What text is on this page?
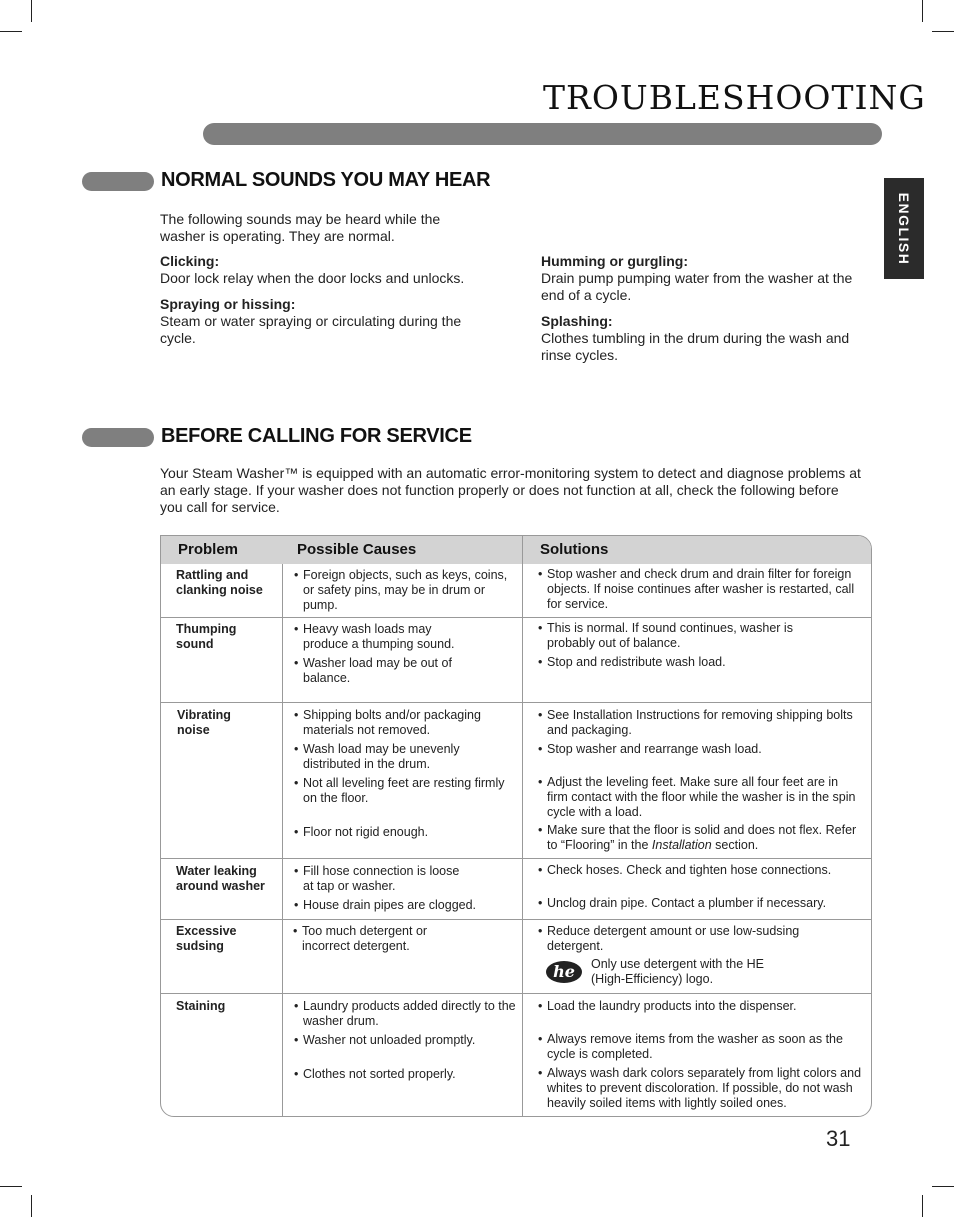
TROUBLESHOOTING
ENGLISH
NORMAL SOUNDS YOU MAY HEAR
The following sounds may be heard while the washer is operating. They are normal.

Clicking:
Door lock relay when the door locks and unlocks.

Spraying or hissing:
Steam or water spraying or circulating during the cycle.

Humming or gurgling:
Drain pump pumping water from the washer at the end of a cycle.

Splashing:
Clothes tumbling in the drum during the wash and rinse cycles.

BEFORE CALLING FOR SERVICE
Your Steam Washer™ is equipped with an automatic error-monitoring system to detect and diagnose problems at an early stage. If your washer does not function properly or does not function at all, check the following before you call for service.
Problem	Possible Causes	Solutions
Rattling and clanking noise
• Foreign objects, such as keys, coins, or safety pins, may be in drum or pump.
• Stop washer and check drum and drain filter for foreign objects. If noise continues after washer is restarted, call for service.
Thumping sound
• Heavy wash loads may produce a thumping sound.
• Washer load may be out of balance.
• This is normal. If sound continues, washer is probably out of balance.
• Stop and redistribute wash load.
Vibrating noise
• Shipping bolts and/or packaging materials not removed.
• Wash load may be unevenly distributed in the drum.
• Not all leveling feet are resting firmly on the floor.
• Floor not rigid enough.
• See Installation Instructions for removing shipping bolts and packaging.
• Stop washer and rearrange wash load.
• Adjust the leveling feet. Make sure all four feet are in firm contact with the floor while the washer is in the spin cycle with a load.
• Make sure that the floor is solid and does not flex. Refer to “Flooring” in the Installation section.
Water leaking around washer
• Fill hose connection is loose at tap or washer.
• House drain pipes are clogged.
• Check hoses. Check and tighten hose connections.
• Unclog drain pipe. Contact a plumber if necessary.
Excessive sudsing
• Too much detergent or incorrect detergent.
• Reduce detergent amount or use low-sudsing detergent.
he	Only use detergent with the HE (High-Efficiency) logo.
Staining
•	Laundry products added directly to the washer drum.
• Washer not unloaded promptly.
• Clothes not sorted properly.
• Load the laundry products into the dispenser.
• Always remove items from the washer as soon as the cycle is completed.
• Always wash dark colors separately from light colors and whites to prevent discoloration. If possible, do not wash heavily soiled items with lightly soiled ones.
31
